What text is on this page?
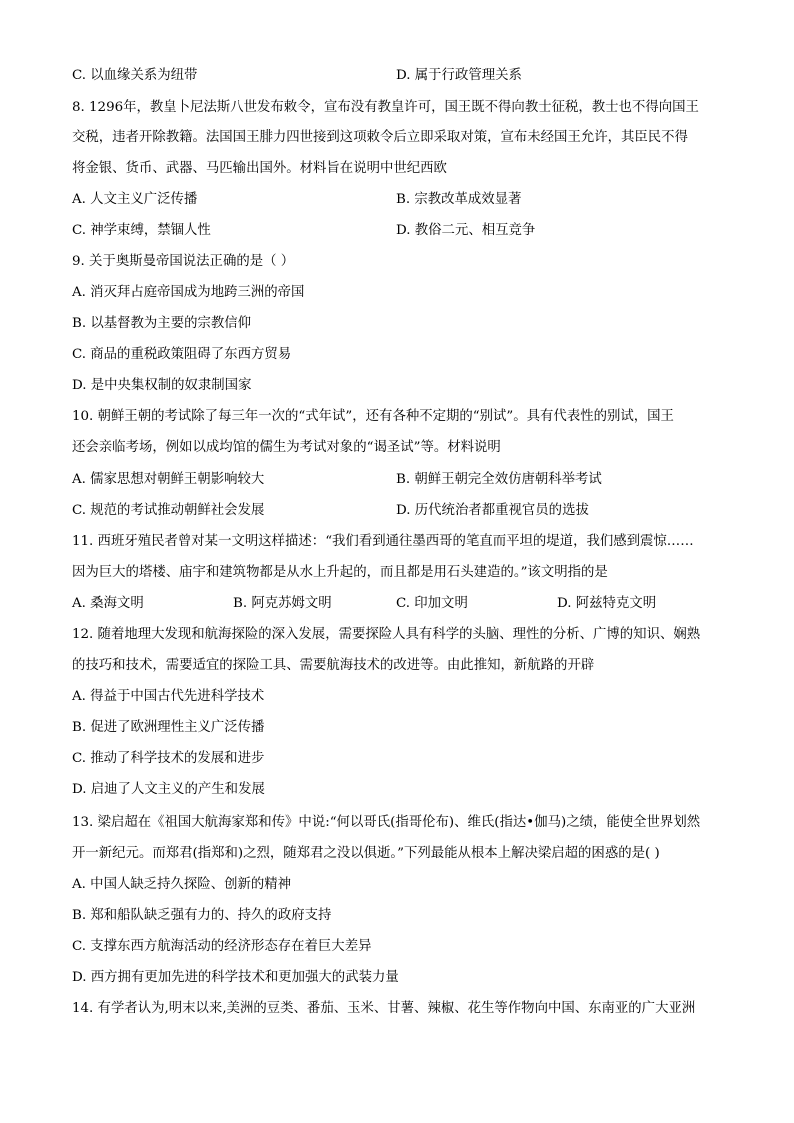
C. 以血缘关系为纽带	D. 属于行政管理关系
8. 1296年，教皇卜尼法斯八世发布敕令，宣布没有教皇许可，国王既不得向教士征税，教士也不得向国王
交税，违者开除教籍。法国国王腓力四世接到这项敕令后立即采取对策，宣布未经国王允许，其臣民不得
将金银、货币、武器、马匹输出国外。材料旨在说明中世纪西欧
A. 人文主义广泛传播	B. 宗教改革成效显著
C. 神学束缚，禁锢人性	D. 教俗二元、相互竞争
9. 关于奥斯曼帝国说法正确的是（ ）
A. 消灭拜占庭帝国成为地跨三洲的帝国
B. 以基督教为主要的宗教信仰
C. 商品的重税政策阻碍了东西方贸易
D. 是中央集权制的奴隶制国家
10. 朝鲜王朝的考试除了每三年一次的“式年试”，还有各种不定期的“别试”。具有代表性的别试，国王
还会亲临考场，例如以成均馆的儒生为考试对象的“谒圣试”等。材料说明
A. 儒家思想对朝鲜王朝影响较大	B. 朝鲜王朝完全效仿唐朝科举考试
C. 规范的考试推动朝鲜社会发展	D. 历代统治者都重视官员的选拔
11. 西班牙殖民者曾对某一文明这样描述：“我们看到通往墨西哥的笔直而平坦的堤道，我们感到震惊……
因为巨大的塔楼、庙宇和建筑物都是从水上升起的，而且都是用石头建造的。”该文明指的是
A. 桑海文明	B. 阿克苏姆文明	C. 印加文明	D. 阿兹特克文明
12. 随着地理大发现和航海探险的深入发展，需要探险人具有科学的头脑、理性的分析、广博的知识、娴熟
的技巧和技术，需要适宜的探险工具、需要航海技术的改进等。由此推知，新航路的开辟
A. 得益于中国古代先进科学技术
B. 促进了欧洲理性主义广泛传播
C. 推动了科学技术的发展和进步
D. 启迪了人文主义的产生和发展
13. 梁启超在《祖国大航海家郑和传》中说:“何以哥氏(指哥伦布)、维氏(指达•伽马)之绩，能使全世界划然
开一新纪元。而郑君(指郑和)之烈，随郑君之没以俱逝。”下列最能从根本上解决梁启超的困惑的是( )
A. 中国人缺乏持久探险、创新的精神
B. 郑和船队缺乏强有力的、持久的政府支持
C. 支撑东西方航海活动的经济形态存在着巨大差异
D. 西方拥有更加先进的科学技术和更加强大的武装力量
14. 有学者认为,明末以来,美洲的豆类、番茄、玉米、甘薯、辣椒、花生等作物向中国、东南亚的广大亚洲
